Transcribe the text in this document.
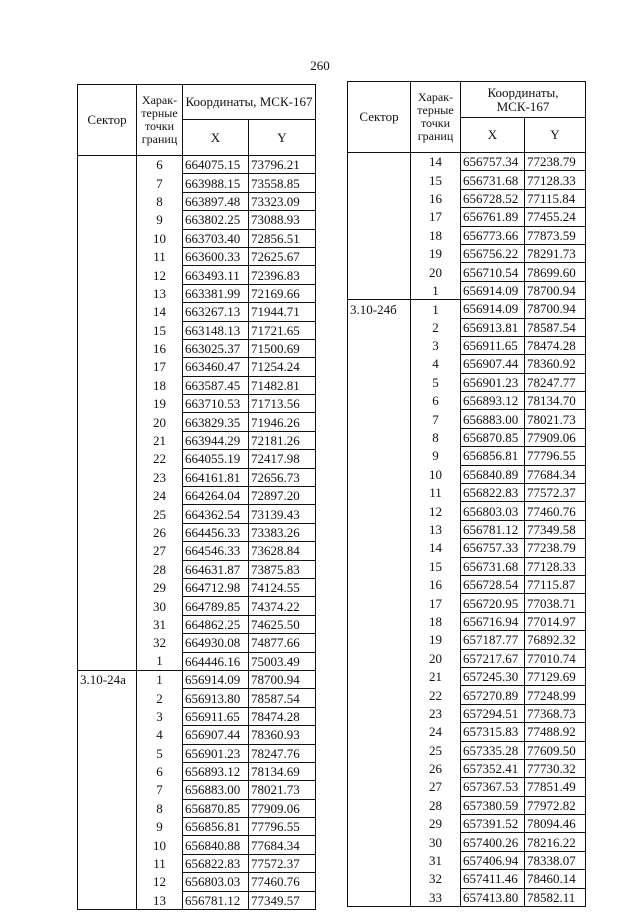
260
Сектор	Харак-терные точки границ	Координаты, МСК-167	
		X	Y
	6	664075.15	73796.21
	7	663988.15	73558.85
	8	663897.48	73323.09
	9	663802.25	73088.93
	10	663703.40	72856.51
	11	663600.33	72625.67
	12	663493.11	72396.83
	13	663381.99	72169.66
	14	663267.13	71944.71
	15	663148.13	71721.65
	16	663025.37	71500.69
	17	663460.47	71254.24
	18	663587.45	71482.81
	19	663710.53	71713.56
	20	663829.35	71946.26
	21	663944.29	72181.26
	22	664055.19	72417.98
	23	664161.81	72656.73
	24	664264.04	72897.20
	25	664362.54	73139.43
	26	664456.33	73383.26
	27	664546.33	73628.84
	28	664631.87	73875.83
	29	664712.98	74124.55
	30	664789.85	74374.22
	31	664862.25	74625.50
	32	664930.08	74877.66
	1	664446.16	75003.49
3.10-24а	1	656914.09	78700.94
	2	656913.80	78587.54
	3	656911.65	78474.28
	4	656907.44	78360.93
	5	656901.23	78247.76
	6	656893.12	78134.69
	7	656883.00	78021.73
	8	656870.85	77909.06
	9	656856.81	77796.55
	10	656840.88	77684.34
	11	656822.83	77572.37
	12	656803.03	77460.76
	13	656781.12	77349.57
Сектор	Харак-терные точки границ	Координаты, МСК-167	
		X	Y
	14	656757.34	77238.79
	15	656731.68	77128.33
	16	656728.52	77115.84
	17	656761.89	77455.24
	18	656773.66	77873.59
	19	656756.22	78291.73
	20	656710.54	78699.60
	1	656914.09	78700.94
3.10-24б	1	656914.09	78700.94
	2	656913.81	78587.54
	3	656911.65	78474.28
	4	656907.44	78360.92
	5	656901.23	78247.77
	6	656893.12	78134.70
	7	656883.00	78021.73
	8	656870.85	77909.06
	9	656856.81	77796.55
	10	656840.89	77684.34
	11	656822.83	77572.37
	12	656803.03	77460.76
	13	656781.12	77349.58
	14	656757.33	77238.79
	15	656731.68	77128.33
	16	656728.54	77115.87
	17	656720.95	77038.71
	18	656716.94	77014.97
	19	657187.77	76892.32
	20	657217.67	77010.74
	21	657245.30	77129.69
	22	657270.89	77248.99
	23	657294.51	77368.73
	24	657315.83	77488.92
	25	657335.28	77609.50
	26	657352.41	77730.32
	27	657367.53	77851.49
	28	657380.59	77972.82
	29	657391.52	78094.46
	30	657400.26	78216.22
	31	657406.94	78338.07
	32	657411.46	78460.14
	33	657413.80	78582.11
